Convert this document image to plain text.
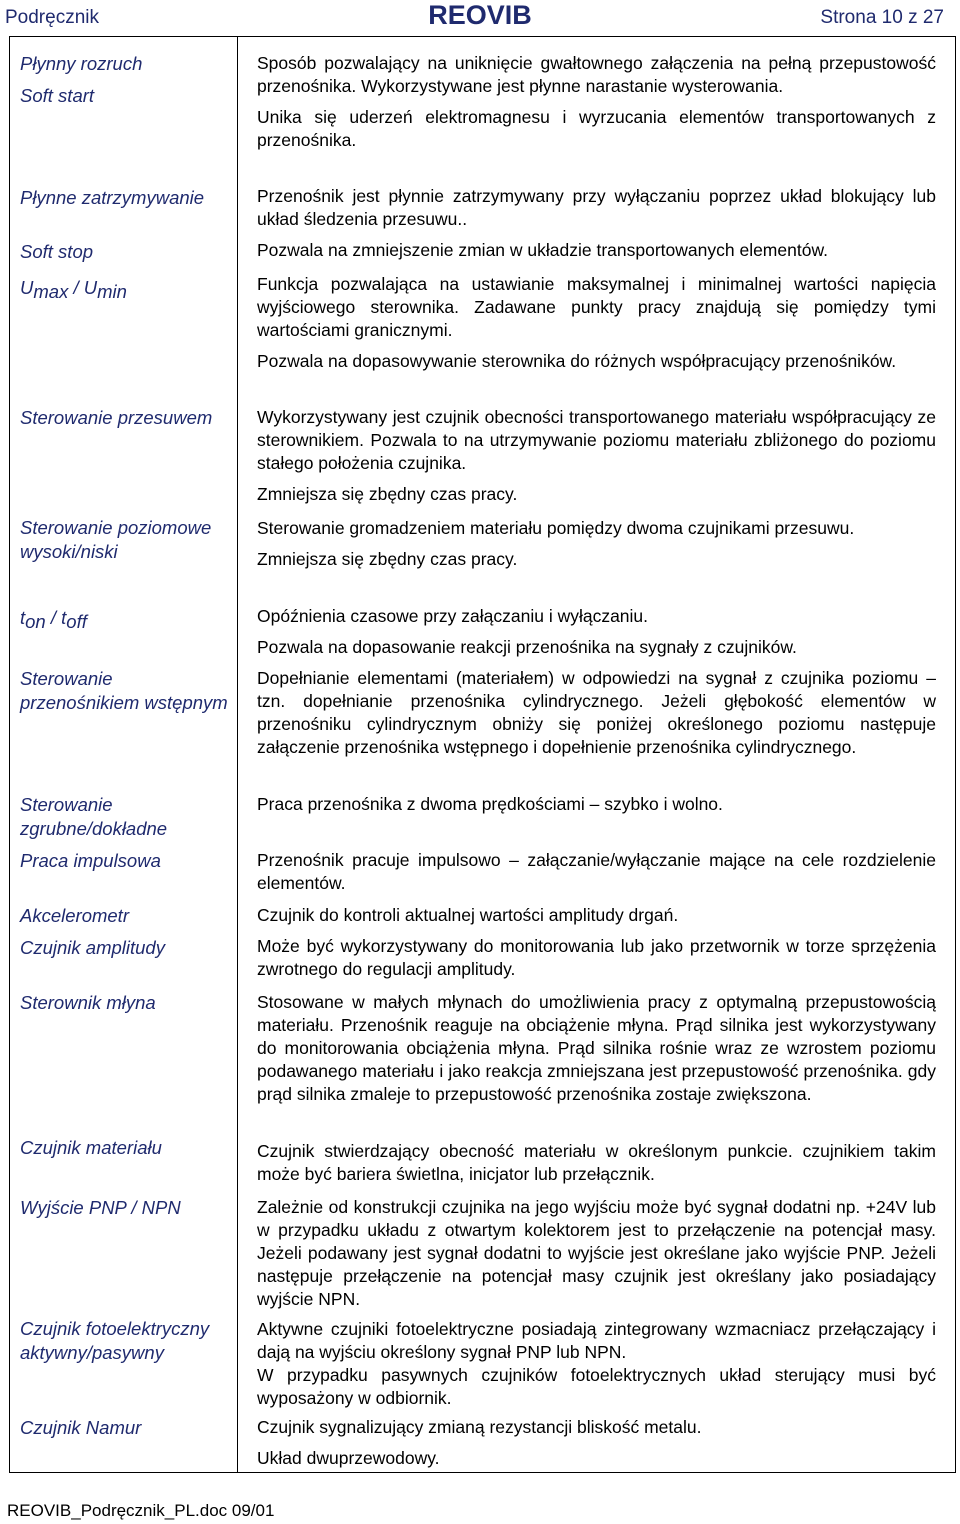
Podręcznik	REOVIB	Strona 10 z 27
Płynny rozruch
Soft start
Płynne zatrzymywanie
Soft stop
$U_{max} / U_{min}$
Sterowanie przesuwem
Sterowanie poziomowe wysoki/niski
$t_{on} / t_{off}$
Sterowanie przenośnikiem wstępnym
Sterowanie zgrubne/dokładne
Praca impulsowa
Akcelerometr
Czujnik amplitudy
Sterownik młyna
Czujnik materiału
Wyjście PNP / NPN
Czujnik fotoelektryczny aktywny/pasywny
Czujnik Namur

Sposób pozwalający na uniknięcie gwałtownego załączenia na pełną przepustowość przenośnika. Wykorzystywane jest płynne narastanie wysterowania.

Unika się uderzeń elektromagnesu i wyrzucania elementów transportowanych z przenośnika.

Przenośnik jest płynnie zatrzymywany przy wyłączaniu poprzez układ blokujący lub układ śledzenia przesuwu..

Pozwala na zmniejszenie zmian w układzie transportowanych elementów.

Funkcja pozwalająca na ustawianie maksymalnej i minimalnej wartości napięcia wyjściowego sterownika. Zadawane punkty pracy znajdują się pomiędzy tymi wartościami granicznymi.

Pozwala na dopasowywanie sterownika do różnych współpracujący przenośników.

Wykorzystywany jest czujnik obecności transportowanego materiału współpracujący ze sterownikiem. Pozwala to na utrzymywanie poziomu materiału zbliżonego do poziomu stałego położenia czujnika.

Zmniejsza się zbędny czas pracy.

Sterowanie gromadzeniem materiału pomiędzy dwoma czujnikami przesuwu.

Zmniejsza się zbędny czas pracy.

Opóźnienia czasowe przy załączaniu i wyłączaniu.

Pozwala na dopasowanie reakcji przenośnika na sygnały z czujników.

Dopełnianie elementami (materiałem) w odpowiedzi na sygnał z czujnika poziomu – tzn. dopełnianie przenośnika cylindrycznego. Jeżeli głębokość elementów w przenośniku cylindrycznym obniży się poniżej określonego poziomu następuje załączenie przenośnika wstępnego i dopełnienie przenośnika cylindrycznego.

Praca przenośnika z dwoma prędkościami – szybko i wolno.

Przenośnik pracuje impulsowo – załączanie/wyłączanie mające na cele rozdzielenie elementów.

Czujnik do kontroli aktualnej wartości amplitudy drgań.

Może być wykorzystywany do monitorowania lub jako przetwornik w torze sprzężenia zwrotnego do regulacji amplitudy.

Stosowane w małych młynach do umożliwienia pracy z optymalną przepustowością materiału. Przenośnik reaguje na obciążenie młyna. Prąd silnika jest wykorzystywany do monitorowania obciążenia młyna. Prąd silnika rośnie wraz ze wzrostem poziomu podawanego materiału i jako reakcja zmniejszana jest przepustowość przenośnika. gdy prąd silnika zmaleje to przepustowość przenośnika zostaje zwiększona.

Czujnik stwierdzający obecność materiału w określonym punkcie. czujnikiem takim może być bariera świetlna, inicjator lub przełącznik.

Zależnie od konstrukcji czujnika na jego wyjściu może być sygnał dodatni np. +24V lub w przypadku układu z otwartym kolektorem jest to przełączenie na potencjał masy. Jeżeli podawany jest sygnał dodatni to wyjście jest określane jako wyjście PNP. Jeżeli następuje przełączenie na potencjał masy czujnik jest określany jako posiadający wyjście NPN.

Aktywne czujniki fotoelektryczne posiadają zintegrowany wzmacniacz przełączający i dają na wyjściu określony sygnał PNP lub NPN.

W przypadku pasywnych czujników fotoelektrycznych układ sterujący musi być wyposażony w odbiornik.

Czujnik sygnalizujący zmianą rezystancji bliskość metalu.

Układ dwuprzewodowy.

REOVIB_Podręcznik_PL.doc 09/01
